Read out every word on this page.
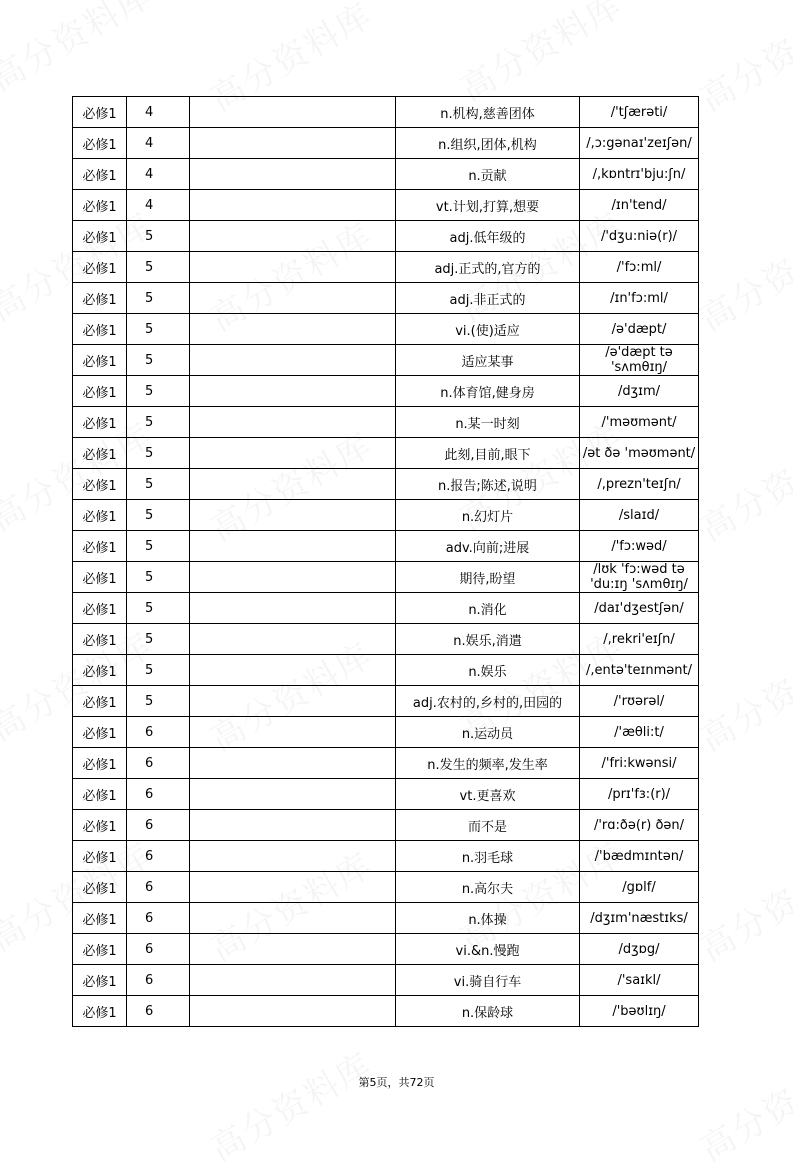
必修1	4		n.机构,慈善团体	/'tʃærəti/
必修1	4		n.组织,团体,机构	/,ɔ:gənaɪ'zeɪʃən/
必修1	4		n.贡献	/,kɒntrɪ'bju:ʃn/
必修1	4		vt.计划,打算,想要	/ɪn'tend/
必修1	5		adj.低年级的	/'dʒu:niə(r)/
必修1	5		adj.正式的,官方的	/'fɔ:ml/
必修1	5		adj.非正式的	/ɪn'fɔ:ml/
必修1	5		vi.(使)适应	/ə'dæpt/
必修1	5		适应某事	/ə'dæpt tə 'sʌmθɪŋ/

必修1	5		n.体育馆,健身房	/dʒɪm/
必修1	5		n.某一时刻	/'məʊmənt/
必修1	5		此刻,目前,眼下	/ət ðə 'məʊmənt/
必修1	5		n.报告;陈述,说明	/,prezn'teɪʃn/
必修1	5		n.幻灯片	/slaɪd/
必修1	5		adv.向前;进展	/'fɔ:wəd/
必修1	5		期待,盼望	/lʊk 'fɔ:wəd tə 'du:ɪŋ 'sʌmθɪŋ/

必修1	5		n.消化	/daɪ'dʒestʃən/
必修1	5		n.娱乐,消遣	/,rekri'eɪʃn/
必修1	5		n.娱乐	/,entə'teɪnmənt/
必修1	5		adj.农村的,乡村的,田园的	/'rʊərəl/
必修1	6		n.运动员	/'æθli:t/
必修1	6		n.发生的频率,发生率	/'fri:kwənsi/
必修1	6		vt.更喜欢	/prɪ'fɜ:(r)/
必修1	6		而不是	/'rɑ:ðə(r) ðən/
必修1	6		n.羽毛球	/'bædmɪntən/
必修1	6		n.高尔夫	/gɒlf/
必修1	6		n.体操	/dʒɪm'næstɪks/
必修1	6		vi.&n.慢跑	/dʒɒg/
必修1	6		vi.骑自行车	/'saɪkl/
必修1	6		n.保龄球	/'bəʊlɪŋ/
第5页，共72页
